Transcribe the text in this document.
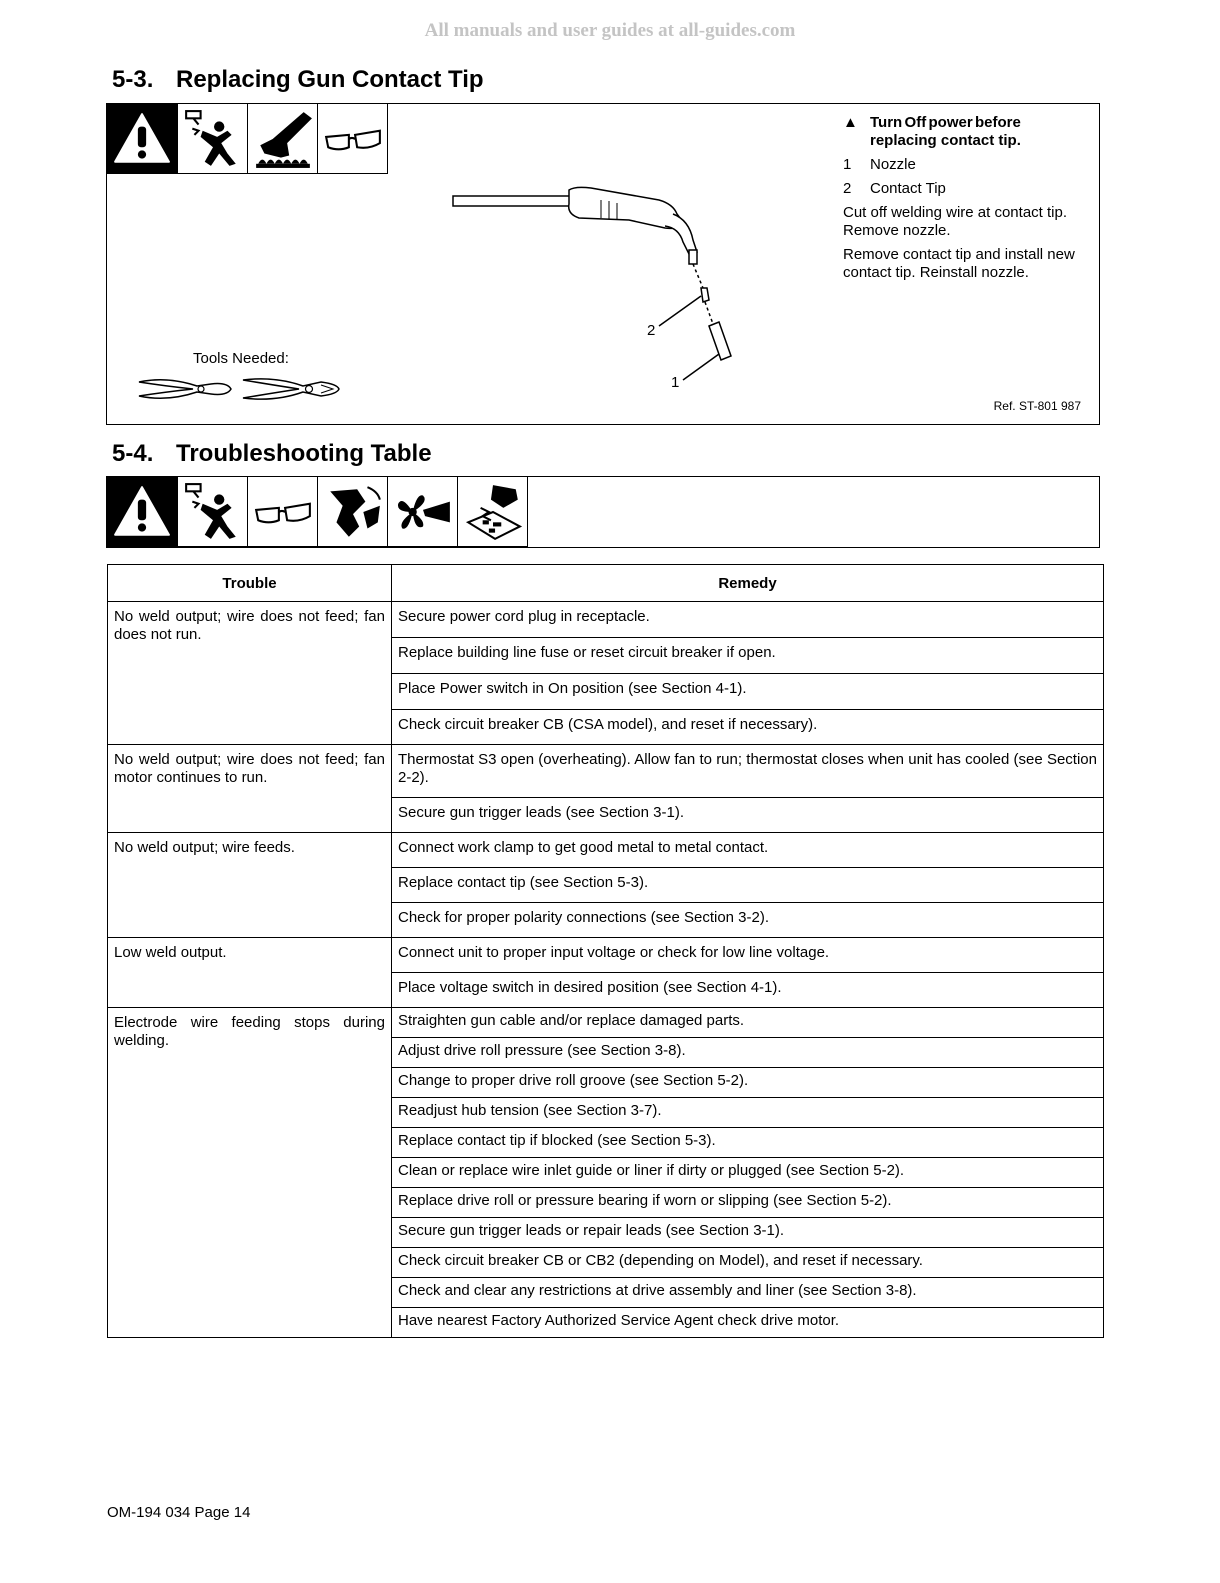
All manuals and user guides at all-guides.com
5-3. Replacing Gun Contact Tip
2
1
Tools Needed:
▲ Turn Off power before
replacing contact tip.
1	Nozzle
2	Contact Tip
Cut off welding wire at contact tip. Remove nozzle.
Remove contact tip and install new contact tip. Reinstall nozzle.
Ref. ST-801 987
5-4. Troubleshooting Table
Trouble	Remedy
No weld output; wire does not feed; fan does not run.	Secure power cord plug in receptacle.
	Replace building line fuse or reset circuit breaker if open.
	Place Power switch in On position (see Section 4-1).
	Check circuit breaker CB (CSA model), and reset if necessary).
No weld output; wire does not feed; fan motor continues to run.	Thermostat S3 open (overheating). Allow fan to run; thermostat closes when unit has cooled (see Section 2-2).
	Secure gun trigger leads (see Section 3-1).
No weld output; wire feeds.	Connect work clamp to get good metal to metal contact.
	Replace contact tip (see Section 5-3).
	Check for proper polarity connections (see Section 3-2).
Low weld output.	Connect unit to proper input voltage or check for low line voltage.
	Place voltage switch in desired position (see Section 4-1).
Electrode wire feeding stops during welding.	Straighten gun cable and/or replace damaged parts.
	Adjust drive roll pressure (see Section 3-8).
	Change to proper drive roll groove (see Section 5-2).
	Readjust hub tension (see Section 3-7).
	Replace contact tip if blocked (see Section 5-3).
	Clean or replace wire inlet guide or liner if dirty or plugged (see Section 5-2).
	Replace drive roll or pressure bearing if worn or slipping (see Section 5-2).
	Secure gun trigger leads or repair leads (see Section 3-1).
	Check circuit breaker CB or CB2 (depending on Model), and reset if necessary.
	Check and clear any restrictions at drive assembly and liner (see Section 3-8).
	Have nearest Factory Authorized Service Agent check drive motor.
OM-194 034 Page 14
